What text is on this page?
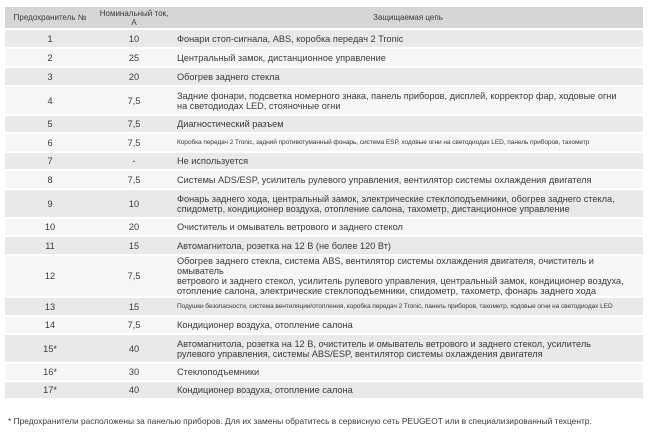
Предохранитель №	Номинальный ток, А	Защищаемая цепь
1	10	Фонари стоп-сигнала, ABS, коробка передач 2 Tronic

2	25	Центральный замок, дистанционное управление

3	20	Обогрев заднего стекла

4	7,5	Задние фонари, подсветка номерного знака, панель приборов, дисплей, корректор фар, ходовые огни
на светодиодах LED, стояночные огни

5	7,5	Диагностический разъем

6	7,5	Коробка передач 2 Tronic, задний противотуманный фонарь, система ESP, ходовые огни на светодиодах LED, панель приборов, тахометр

7	-	Не используется

8	7,5	Системы ADS/ESP, усилитель рулевого управления, вентилятор системы охлаждения двигателя

9	10	Фонарь заднего хода, центральный замок, электрические стеклоподъемники, обогрев заднего стекла,
спидометр, кондиционер воздуха, отопление салона, тахометр, дистанционное управление

10	20	Очиститель и омыватель ветрового и заднего стекол

11	15	Автомагнитола, розетка на 12 В (не более 120 Вт)

12	7,5	Обогрев заднего стекла, система ABS, вентилятор системы охлаждения двигателя, очиститель и омыватель
ветрового и заднего стекол, усилитель рулевого управления, центральный замок, кондиционер воздуха,
отопление салона, электрические стеклоподъемники, спидометр, тахометр, фонарь заднего хода

13	15	Подушки безопасности, система вентиляции/отопления, коробка передач 2 Tronic, панель приборов, тахометр, ходовые огни на светодиодах LED

14	7,5	Кондиционер воздуха, отопление салона

15*	40	Автомагнитола, розетка на 12 В, очиститель и омыватель ветрового и заднего стекол, усилитель
рулевого управления, системы ABS/ESP, вентилятор системы охлаждения двигателя

16*	30	Стеклоподъемники

17*	40	Кондиционер воздуха, отопление салона
* Предохранители расположены за панелью приборов. Для их замены обратитесь в сервисную сеть PEUGEOT или в специализированный техцентр.
